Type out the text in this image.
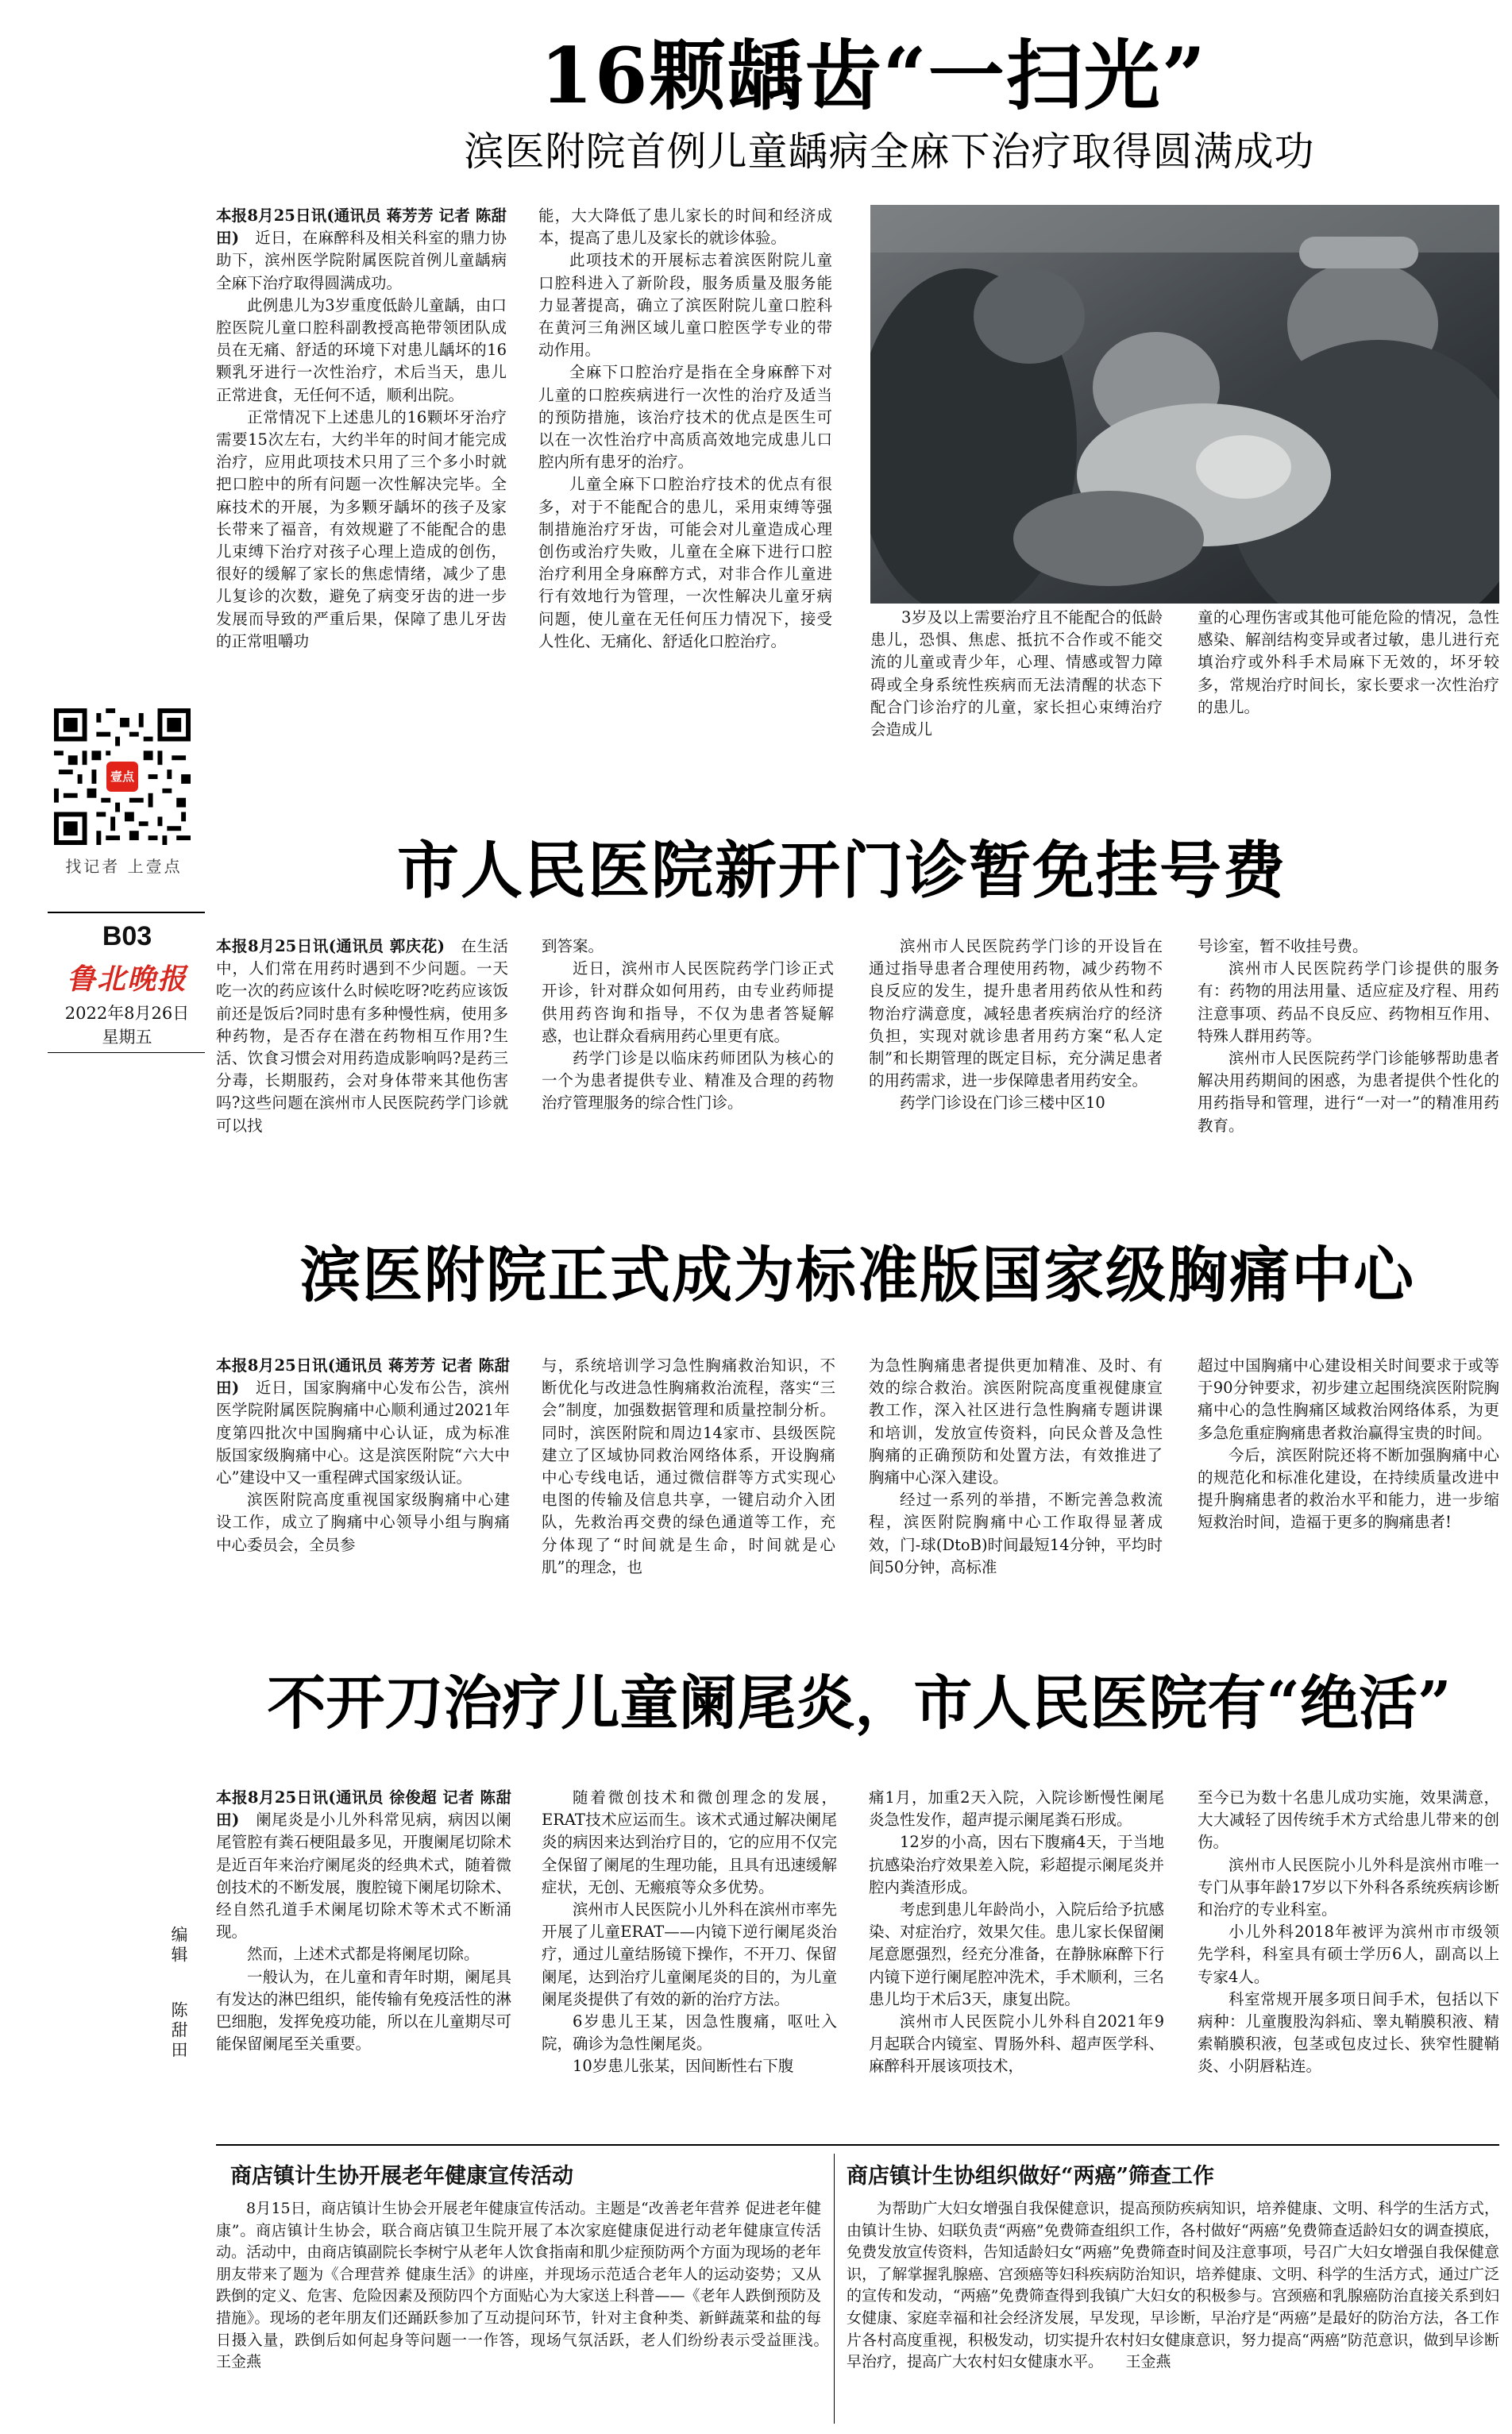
壹点
找记者 上壹点
B03
鲁北晚报
2022年8月26日
星期五
编辑
陈甜田
16颗龋齿“一扫光”
滨医附院首例儿童龋病全麻下治疗取得圆满成功

本报8月25日讯(通讯员 蒋芳芳 记者 陈甜田)　 近日，在麻醉科及相关科室的鼎力协助下，滨州医学院附属医院首例儿童龋病全麻下治疗取得圆满成功。

此例患儿为3岁重度低龄儿童龋，由口腔医院儿童口腔科副教授高艳带领团队成员在无痛、舒适的环境下对患儿龋坏的16颗乳牙进行一次性治疗，术后当天，患儿正常进食，无任何不适，顺利出院。

正常情况下上述患儿的16颗坏牙治疗需要15次左右，大约半年的时间才能完成治疗，应用此项技术只用了三个多小时就把口腔中的所有问题一次性解决完毕。全麻技术的开展，为多颗牙龋坏的孩子及家长带来了福音，有效规避了不能配合的患儿束缚下治疗对孩子心理上造成的创伤，很好的缓解了家长的焦虑情绪，减少了患儿复诊的次数，避免了病变牙齿的进一步发展而导致的严重后果，保障了患儿牙齿的正常咀嚼功

能，大大降低了患儿家长的时间和经济成本，提高了患儿及家长的就诊体验。

此项技术的开展标志着滨医附院儿童口腔科进入了新阶段，服务质量及服务能力显著提高，确立了滨医附院儿童口腔科在黄河三角洲区域儿童口腔医学专业的带动作用。

全麻下口腔治疗是指在全身麻醉下对儿童的口腔疾病进行一次性的治疗及适当的预防措施，该治疗技术的优点是医生可以在一次性治疗中高质高效地完成患儿口腔内所有患牙的治疗。

儿童全麻下口腔治疗技术的优点有很多，对于不能配合的患儿，采用束缚等强制措施治疗牙齿，可能会对儿童造成心理创伤或治疗失败，儿童在全麻下进行口腔治疗利用全身麻醉方式，对非合作儿童进行有效地行为管理，一次性解决儿童牙病问题，使儿童在无任何压力情况下，接受人性化、无痛化、舒适化口腔治疗。

3岁及以上需要治疗且不能配合的低龄患儿，恐惧、焦虑、抵抗不合作或不能交流的儿童或青少年，心理、情感或智力障碍或全身系统性疾病而无法清醒的状态下配合门诊治疗的儿童，家长担心束缚治疗会造成儿

童的心理伤害或其他可能危险的情况，急性感染、解剖结构变异或者过敏，患儿进行充填治疗或外科手术局麻下无效的，坏牙较多，常规治疗时间长，家长要求一次性治疗的患儿。

市人民医院新开门诊暂免挂号费

本报8月25日讯(通讯员 郭庆花)　 在生活中，人们常在用药时遇到不少问题。一天吃一次的药应该什么时候吃呀?吃药应该饭前还是饭后?同时患有多种慢性病，使用多种药物，是否存在潜在药物相互作用?生活、饮食习惯会对用药造成影响吗?是药三分毒，长期服药，会对身体带来其他伤害吗?这些问题在滨州市人民医院药学门诊就可以找

到答案。

近日，滨州市人民医院药学门诊正式开诊，针对群众如何用药，由专业药师提供用药咨询和指导，不仅为患者答疑解惑，也让群众看病用药心里更有底。

药学门诊是以临床药师团队为核心的一个为患者提供专业、精准及合理的药物治疗管理服务的综合性门诊。

滨州市人民医院药学门诊的开设旨在通过指导患者合理使用药物，减少药物不良反应的发生，提升患者用药依从性和药物治疗满意度，减轻患者疾病治疗的经济负担，实现对就诊患者用药方案“私人定制”和长期管理的既定目标，充分满足患者的用药需求，进一步保障患者用药安全。

药学门诊设在门诊三楼中区10

号诊室，暂不收挂号费。

滨州市人民医院药学门诊提供的服务有：药物的用法用量、适应症及疗程、用药注意事项、药品不良反应、药物相互作用、特殊人群用药等。

滨州市人民医院药学门诊能够帮助患者解决用药期间的困惑，为患者提供个性化的用药指导和管理，进行“一对一”的精准用药教育。

滨医附院正式成为标准版国家级胸痛中心

本报8月25日讯(通讯员 蒋芳芳 记者 陈甜田)　 近日，国家胸痛中心发布公告，滨州医学院附属医院胸痛中心顺利通过2021年度第四批次中国胸痛中心认证，成为标准版国家级胸痛中心。这是滨医附院“六大中心”建设中又一重程碑式国家级认证。

滨医附院高度重视国家级胸痛中心建设工作，成立了胸痛中心领导小组与胸痛中心委员会，全员参

与，系统培训学习急性胸痛救治知识，不断优化与改进急性胸痛救治流程，落实“三会”制度，加强数据管理和质量控制分析。同时，滨医附院和周边14家市、县级医院建立了区域协同救治网络体系，开设胸痛中心专线电话，通过微信群等方式实现心电图的传输及信息共享，一键启动介入团队，先救治再交费的绿色通道等工作，充分体现了“时间就是生命，时间就是心肌”的理念，也

为急性胸痛患者提供更加精准、及时、有效的综合救治。滨医附院高度重视健康宣教工作，深入社区进行急性胸痛专题讲课和培训，发放宣传资料，向民众普及急性胸痛的正确预防和处置方法，有效推进了胸痛中心深入建设。

经过一系列的举措，不断完善急救流程，滨医附院胸痛中心工作取得显著成效，门-球(DtoB)时间最短14分钟，平均时间50分钟，高标准

超过中国胸痛中心建设相关时间要求于或等于90分钟要求，初步建立起围绕滨医附院胸痛中心的急性胸痛区域救治网络体系，为更多急危重症胸痛患者救治赢得宝贵的时间。

今后，滨医附院还将不断加强胸痛中心的规范化和标准化建设，在持续质量改进中提升胸痛患者的救治水平和能力，进一步缩短救治时间，造福于更多的胸痛患者!

不开刀治疗儿童阑尾炎，市人民医院有“绝活”

本报8月25日讯(通讯员 徐俊超 记者 陈甜田)　 阑尾炎是小儿外科常见病，病因以阑尾管腔有粪石梗阻最多见，开腹阑尾切除术是近百年来治疗阑尾炎的经典术式，随着微创技术的不断发展，腹腔镜下阑尾切除术、经自然孔道手术阑尾切除术等术式不断涌现。

然而，上述术式都是将阑尾切除。

一般认为，在儿童和青年时期，阑尾具有发达的淋巴组织，能传输有免疫活性的淋巴细胞，发挥免疫功能，所以在儿童期尽可能保留阑尾至关重要。

随着微创技术和微创理念的发展，ERAT技术应运而生。该术式通过解决阑尾炎的病因来达到治疗目的，它的应用不仅完全保留了阑尾的生理功能，且具有迅速缓解症状，无创、无瘢痕等众多优势。

滨州市人民医院小儿外科在滨州市率先开展了儿童ERAT——内镜下逆行阑尾炎治疗，通过儿童结肠镜下操作，不开刀、保留阑尾，达到治疗儿童阑尾炎的目的，为儿童阑尾炎提供了有效的新的治疗方法。

6岁患儿王某，因急性腹痛，呕吐入院，确诊为急性阑尾炎。

10岁患儿张某，因间断性右下腹

痛1月，加重2天入院，入院诊断慢性阑尾炎急性发作，超声提示阑尾粪石形成。

12岁的小高，因右下腹痛4天，于当地抗感染治疗效果差入院，彩超提示阑尾炎并腔内粪渣形成。

考虑到患儿年龄尚小，入院后给予抗感染、对症治疗，效果欠佳。患儿家长保留阑尾意愿强烈，经充分准备，在静脉麻醉下行内镜下逆行阑尾腔冲洗术，手术顺利，三名患儿均于术后3天，康复出院。

滨州市人民医院小儿外科自2021年9月起联合内镜室、胃肠外科、超声医学科、麻醉科开展该项技术，

至今已为数十名患儿成功实施，效果满意，大大减轻了因传统手术方式给患儿带来的创伤。

滨州市人民医院小儿外科是滨州市唯一专门从事年龄17岁以下外科各系统疾病诊断和治疗的专业科室。

小儿外科2018年被评为滨州市市级领先学科，科室具有硕士学历6人，副高以上专家4人。

科室常规开展多项日间手术，包括以下病种：儿童腹股沟斜疝、睾丸鞘膜积液、精索鞘膜积液，包茎或包皮过长、狭窄性腱鞘炎、小阴唇粘连。

商店镇计生协开展老年健康宣传活动

8月15日，商店镇计生协会开展老年健康宣传活动。主题是“改善老年营养 促进老年健康”。商店镇计生协会，联合商店镇卫生院开展了本次家庭健康促进行动老年健康宣传活动。活动中，由商店镇副院长李树宁从老年人饮食指南和肌少症预防两个方面为现场的老年朋友带来了题为《合理营养 健康生活》的讲座，并现场示范适合老年人的运动姿势；又从跌倒的定义、危害、危险因素及预防四个方面贴心为大家送上科普——《老年人跌倒预防及措施》。现场的老年朋友们还踊跃参加了互动提问环节，针对主食种类、新鲜蔬菜和盐的每日摄入量，跌倒后如何起身等问题一一作答，现场气氛活跃，老人们纷纷表示受益匪浅。　　王金燕

商店镇计生协组织做好“两癌”筛查工作

为帮助广大妇女增强自我保健意识，提高预防疾病知识，培养健康、文明、科学的生活方式，由镇计生协、妇联负责“两癌”免费筛查组织工作，各村做好“两癌”免费筛查适龄妇女的调查摸底，免费发放宣传资料，告知适龄妇女“两癌”免费筛查时间及注意事项，号召广大妇女增强自我保健意识，了解掌握乳腺癌、宫颈癌等妇科疾病防治知识，培养健康、文明、科学的生活方式，通过广泛的宣传和发动，“两癌”免费筛查得到我镇广大妇女的积极参与。宫颈癌和乳腺癌防治直接关系到妇女健康、家庭幸福和社会经济发展，早发现，早诊断，早治疗是“两癌”是最好的防治方法，各工作片各村高度重视，积极发动，切实提升农村妇女健康意识，努力提高“两癌”防范意识，做到早诊断早治疗，提高广大农村妇女健康水平。　　 王金燕
